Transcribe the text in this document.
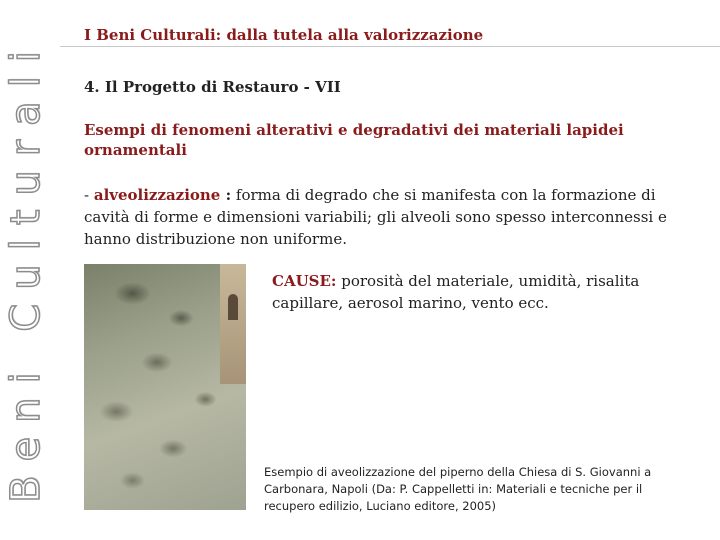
Beni Culturali
I Beni Culturali: dalla tutela alla valorizzazione
4. Il Progetto di Restauro - VII
Esempi di fenomeni alterativi e degradativi dei materiali lapidei ornamentali
- alveolizzazione : forma di degrado che si manifesta con la formazione di cavità di forme e dimensioni variabili; gli alveoli sono spesso interconnessi e hanno distribuzione non uniforme.
CAUSE: porosità del materiale, umidità, risalita capillare, aerosol marino, vento ecc.
Esempio di aveolizzazione del piperno della Chiesa di S. Giovanni a Carbonara, Napoli (Da: P. Cappelletti in: Materiali e tecniche per il recupero edilizio, Luciano editore, 2005)
